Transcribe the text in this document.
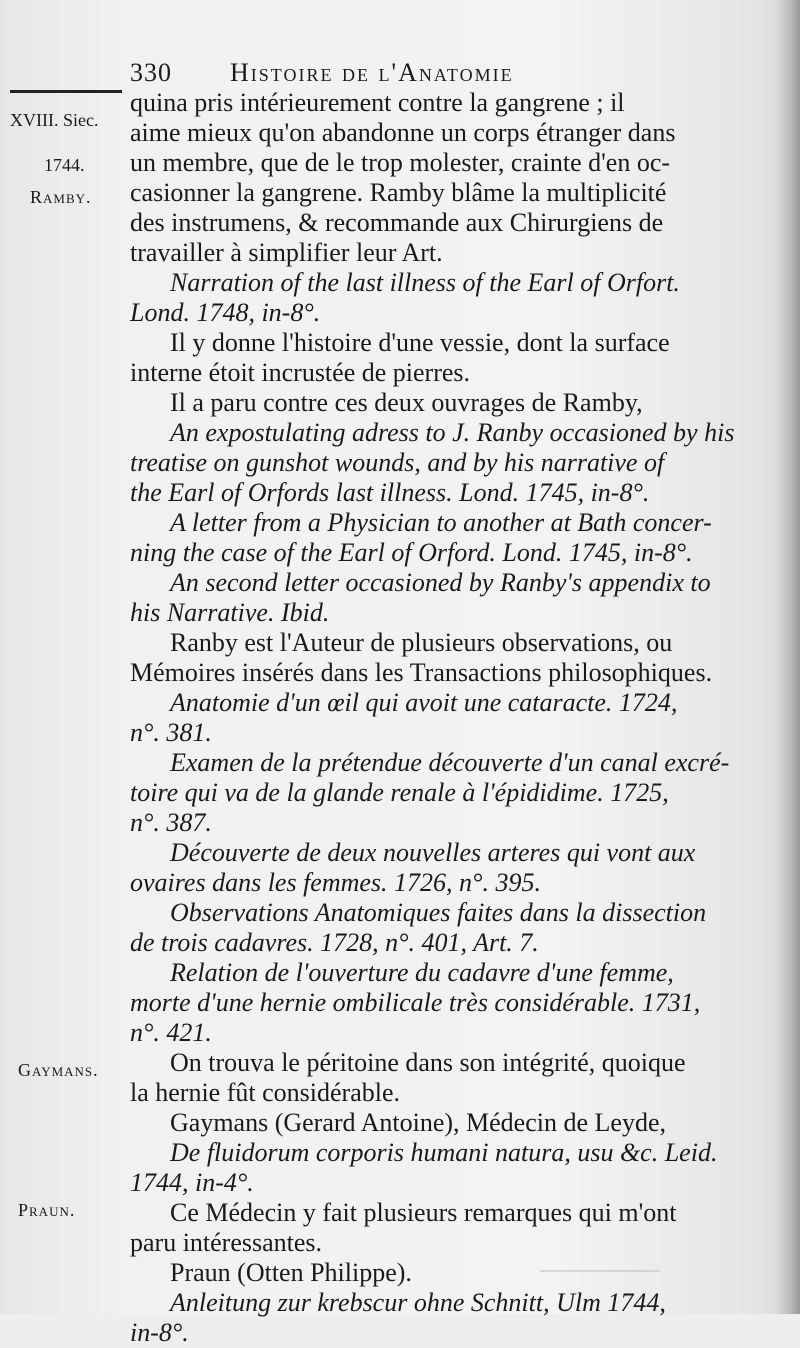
330 Histoire de l'Anatomie
XVIII. Siec.
1744.
Ramby.
Gaymans.
Praun.
quina pris intérieurement contre la gangrene ; il
aime mieux qu'on abandonne un corps étranger dans
un membre, que de le trop molester, crainte d'en oc-
casionner la gangrene. Ramby blâme la multiplicité
des instrumens, & recommande aux Chirurgiens de
travailler à simplifier leur Art.
Narration of the last illness of the Earl of Orfort.
Lond. 1748, in-8°.
Il y donne l'histoire d'une vessie, dont la surface
interne étoit incrustée de pierres.
Il a paru contre ces deux ouvrages de Ramby,
An expostulating adress to J. Ranby occasioned by his
treatise on gunshot wounds, and by his narrative of
the Earl of Orfords last illness. Lond. 1745, in-8°.
A letter from a Physician to another at Bath concer-
ning the case of the Earl of Orford. Lond. 1745, in-8°.
An second letter occasioned by Ranby's appendix to
his Narrative. Ibid.
Ranby est l'Auteur de plusieurs observations, ou
Mémoires insérés dans les Transactions philosophiques.
Anatomie d'un œil qui avoit une cataracte. 1724,
n°. 381.
Examen de la prétendue découverte d'un canal excré-
toire qui va de la glande renale à l'épididime. 1725,
n°. 387.
Découverte de deux nouvelles arteres qui vont aux
ovaires dans les femmes. 1726, n°. 395.
Observations Anatomiques faites dans la dissection
de trois cadavres. 1728, n°. 401, Art. 7.
Relation de l'ouverture du cadavre d'une femme,
morte d'une hernie ombilicale très considérable. 1731,
n°. 421.
On trouva le péritoine dans son intégrité, quoique
la hernie fût considérable.
Gaymans (Gerard Antoine), Médecin de Leyde,
De fluidorum corporis humani natura, usu &c. Leid.
1744, in-4°.
Ce Médecin y fait plusieurs remarques qui m'ont
paru intéressantes.
Praun (Otten Philippe).
Anleitung zur krebscur ohne Schnitt, Ulm 1744,
in-8°.
